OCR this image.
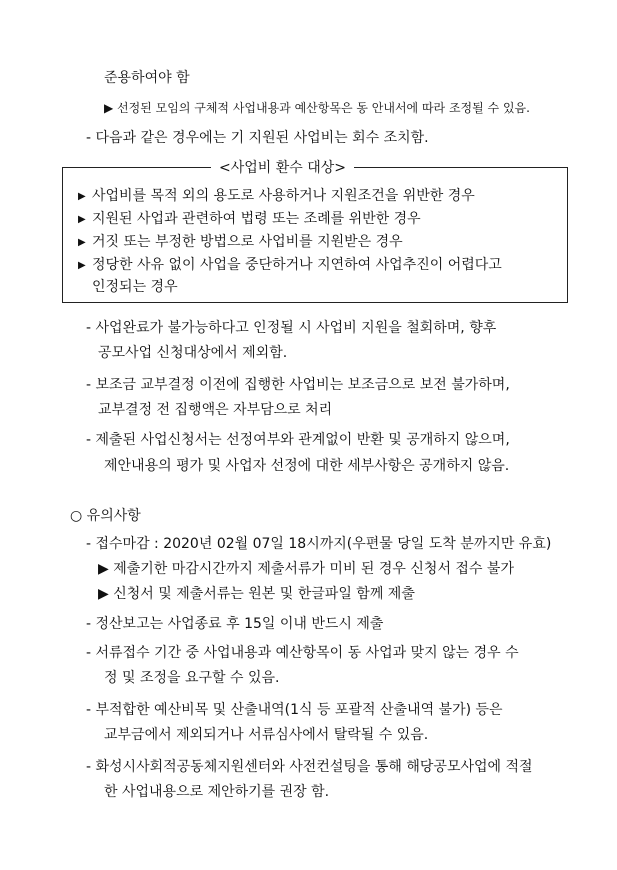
준용하여야 함
▶ 선정된 모임의 구체적 사업내용과 예산항목은 동 안내서에 따라 조정될 수 있음.
- 다음과 같은 경우에는 기 지원된 사업비는 회수 조치함.
<사업비 환수 대상>
▶ 사업비를 목적 외의 용도로 사용하거나 지원조건을 위반한 경우
▶ 지원된 사업과 관련하여 법령 또는 조례를 위반한 경우
▶ 거짓 또는 부정한 방법으로 사업비를 지원받은 경우
▶ 정당한 사유 없이 사업을 중단하거나 지연하여 사업추진이 어렵다고
인정되는 경우
- 사업완료가 불가능하다고 인정될 시 사업비 지원을 철회하며, 향후
공모사업 신청대상에서 제외함.
- 보조금 교부결정 이전에 집행한 사업비는 보조금으로 보전 불가하며,
교부결정 전 집행액은 자부담으로 처리
- 제출된 사업신청서는 선정여부와 관계없이 반환 및 공개하지 않으며,
제안내용의 평가 및 사업자 선정에 대한 세부사항은 공개하지 않음.
○ 유의사항
- 접수마감 : 2020년 02월 07일 18시까지(우편물 당일 도착 분까지만 유효)
▶ 제출기한 마감시간까지 제출서류가 미비 된 경우 신청서 접수 불가
▶ 신청서 및 제출서류는 원본 및 한글파일 함께 제출
- 정산보고는 사업종료 후 15일 이내 반드시 제출
- 서류접수 기간 중 사업내용과 예산항목이 동 사업과 맞지 않는 경우 수
정 및 조정을 요구할 수 있음.
- 부적합한 예산비목 및 산출내역(1식 등 포괄적 산출내역 불가) 등은
교부금에서 제외되거나 서류심사에서 탈락될 수 있음.
- 화성시사회적공동체지원센터와 사전컨설팅을 통해 해당공모사업에 적절
한 사업내용으로 제안하기를 권장 함.
